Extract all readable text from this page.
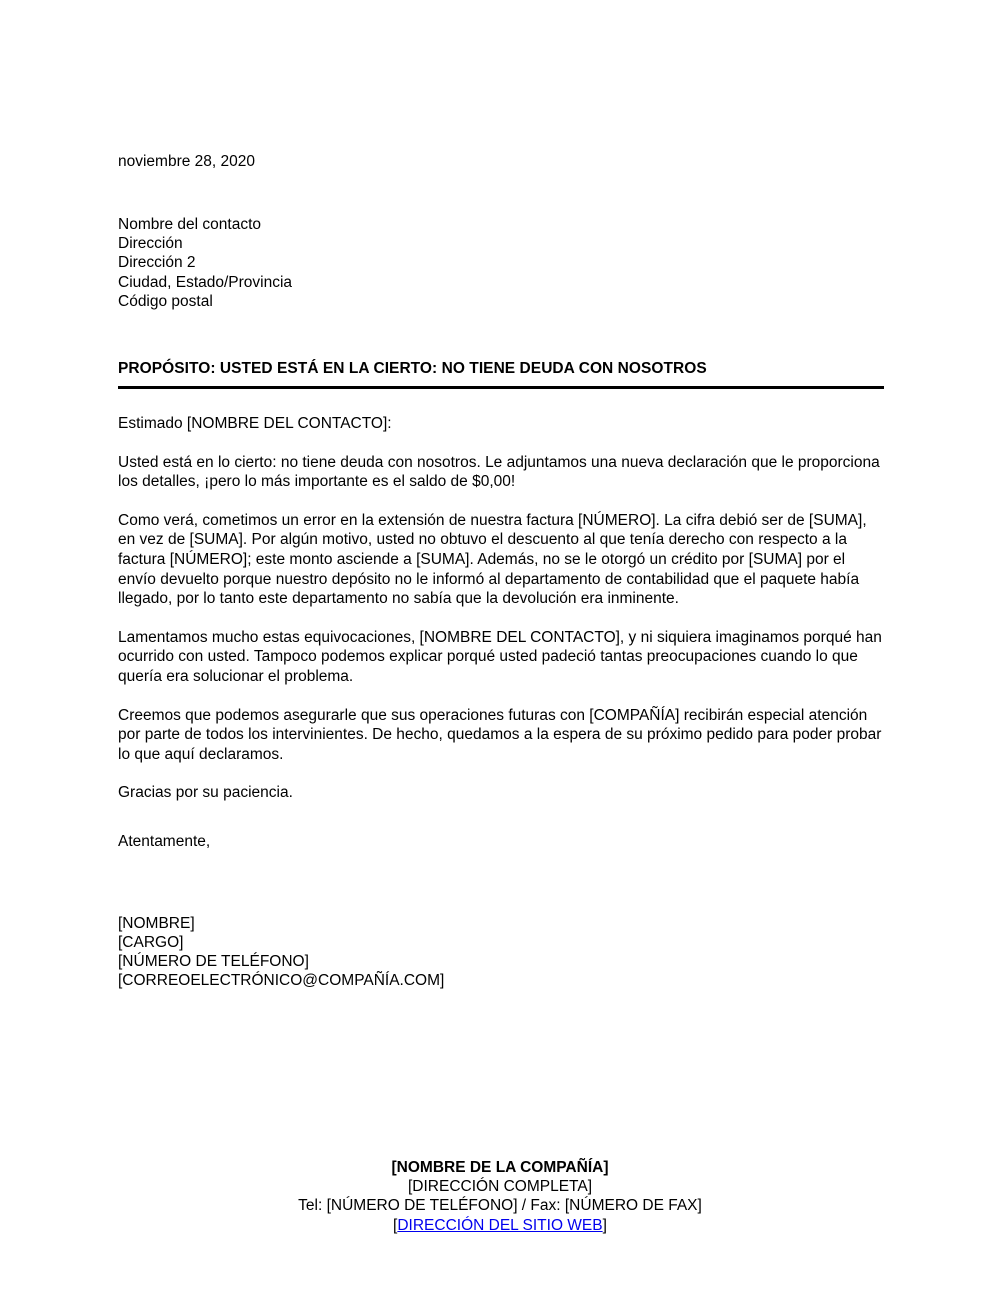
noviembre 28, 2020
Nombre del contacto
Dirección
Dirección 2
Ciudad, Estado/Provincia
Código postal
PROPÓSITO: USTED ESTÁ EN LA CIERTO: NO TIENE DEUDA CON NOSOTROS

Estimado [NOMBRE DEL CONTACTO]:

Usted está en lo cierto: no tiene deuda con nosotros. Le adjuntamos una nueva declaración que le proporciona los detalles, ¡pero lo más importante es el saldo de $0,00!

Como verá, cometimos un error en la extensión de nuestra factura [NÚMERO]. La cifra debió ser de [SUMA], en vez de [SUMA]. Por algún motivo, usted no obtuvo el descuento al que tenía derecho con respecto a la factura [NÚMERO]; este monto asciende a [SUMA]. Además, no se le otorgó un crédito por [SUMA] por el envío devuelto porque nuestro depósito no le informó al departamento de contabilidad que el paquete había llegado, por lo tanto este departamento no sabía que la devolución era inminente.

Lamentamos mucho estas equivocaciones, [NOMBRE DEL CONTACTO], y ni siquiera imaginamos porqué han ocurrido con usted. Tampoco podemos explicar porqué usted padeció tantas preocupaciones cuando lo que quería era solucionar el problema.

Creemos que podemos asegurarle que sus operaciones futuras con [COMPAÑÍA] recibirán especial atención por parte de todos los intervinientes. De hecho, quedamos a la espera de su próximo pedido para poder probar lo que aquí declaramos.

Gracias por su paciencia.

Atentamente,
[NOMBRE]
[CARGO]
[NÚMERO DE TELÉFONO]
[CORREOELECTRÓNICO@COMPAÑÍA.COM]
[NOMBRE DE LA COMPAÑÍA]
[DIRECCIÓN COMPLETA]
Tel: [NÚMERO DE TELÉFONO] / Fax: [NÚMERO DE FAX]
[DIRECCIÓN DEL SITIO WEB]
